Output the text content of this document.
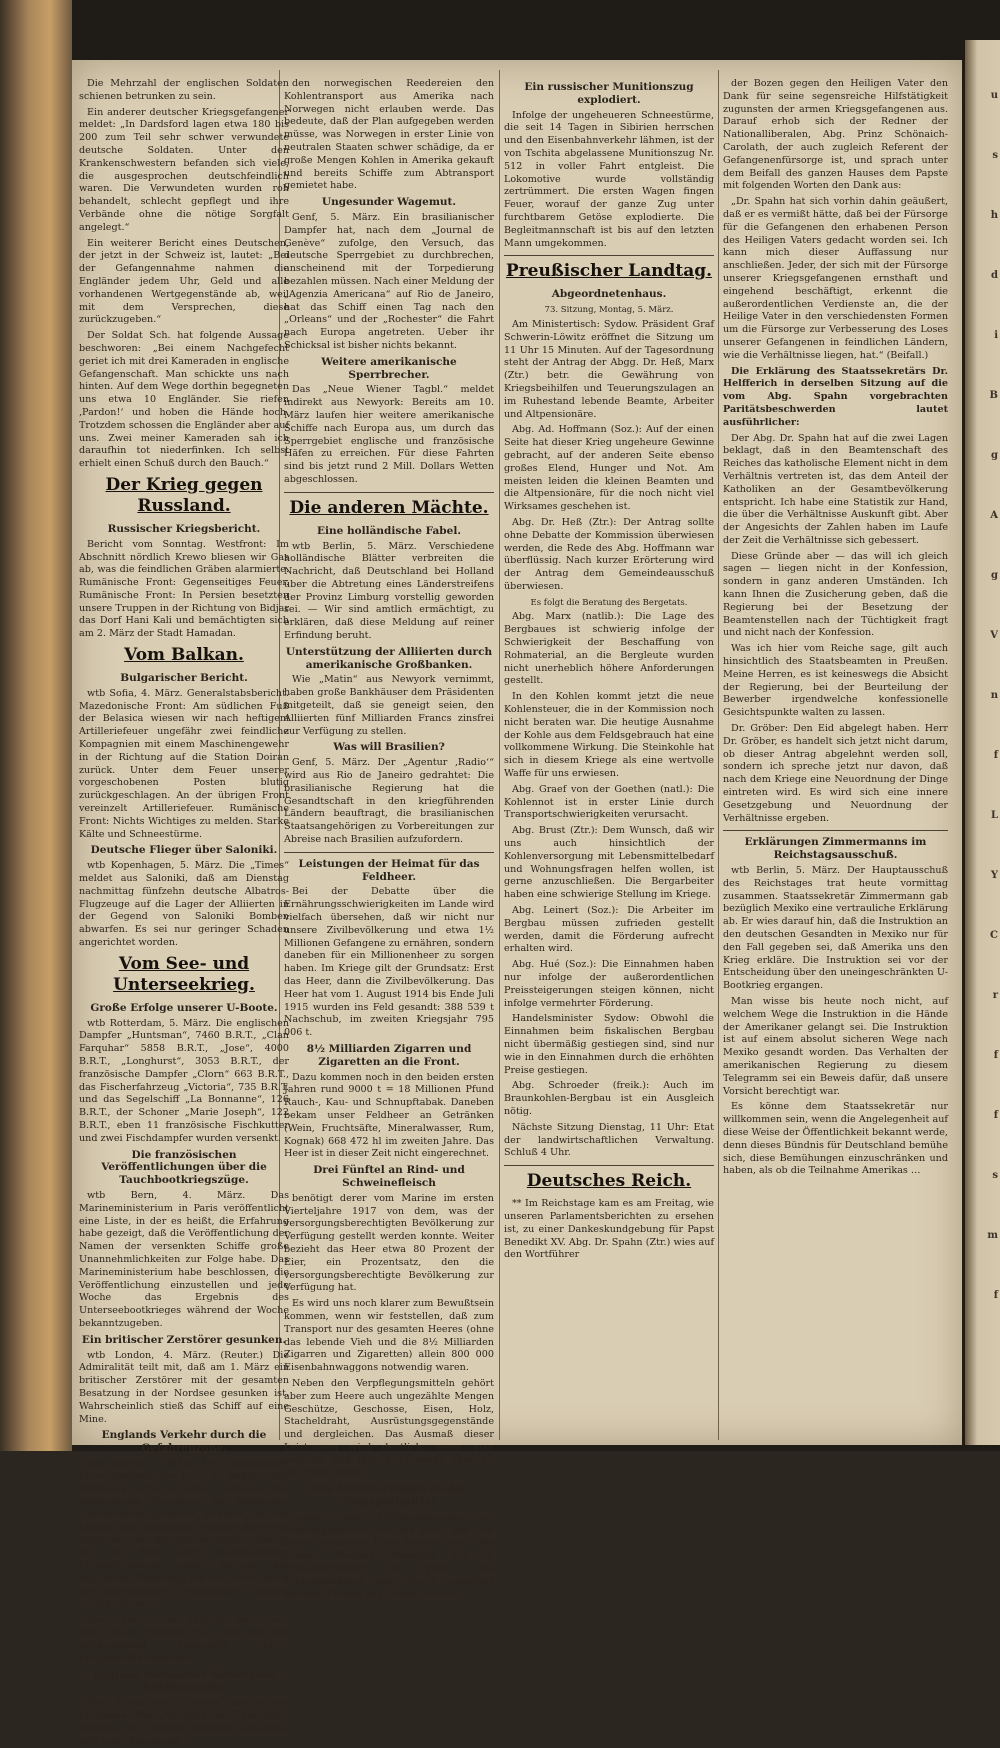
Die Mehrzahl der englischen Soldaten schienen betrunken zu sein.

Ein anderer deutscher Kriegsgefangener meldet: „In Dardsford lagen etwa 180 bis 200 zum Teil sehr schwer verwundete deutsche Soldaten. Unter den Krankenschwestern befanden sich viele, die ausgesprochen deutschfeindlich waren. Die Verwundeten wurden roh behandelt, schlecht gepflegt und ihre Verbände ohne die nötige Sorgfalt angelegt.“

Ein weiterer Bericht eines Deutschen, der jetzt in der Schweiz ist, lautet: „Bei der Gefangennahme nahmen die Engländer jedem Uhr, Geld und alle vorhandenen Wertgegenstände ab, weil mit dem Versprechen, diese zurückzugeben.“

Der Soldat Sch. hat folgende Aussage beschworen: „Bei einem Nachgefecht geriet ich mit drei Kameraden in englische Gefangenschaft. Man schickte uns nach hinten. Auf dem Wege dorthin begegneten uns etwa 10 Engländer. Sie riefen ‚Pardon!‘ und hoben die Hände hoch. Trotzdem schossen die Engländer aber auf uns. Zwei meiner Kameraden sah ich daraufhin tot niederfinken. Ich selbst erhielt einen Schuß durch den Bauch.“

Der Krieg gegen Russland.
Russischer Kriegsbericht.

Bericht vom Sonntag. Westfront: Im Abschnitt nördlich Krewo bliesen wir Gas ab, was die feindlichen Gräben alarmierte. Rumänische Front: Gegenseitiges Feuer. Rumänische Front: In Persien besetzten unsere Truppen in der Richtung von Bidjar das Dorf Hani Kali und bemächtigten sich am 2. März der Stadt Hamadan.

Vom Balkan.
Bulgarischer Bericht.

wtb Sofia, 4. März. Generalstabsbericht. Mazedonische Front: Am südlichen Fuß der Belasica wiesen wir nach heftigem Artilleriefeuer ungefähr zwei feindliche Kompagnien mit einem Maschinengewehr in der Richtung auf die Station Doiran zurück. Unter dem Feuer unserer vorgeschobenen Posten blutig zurückgeschlagen. An der übrigen Front vereinzelt Artilleriefeuer. Rumänische Front: Nichts Wichtiges zu melden. Starke Kälte und Schneestürme.

Deutsche Flieger über Saloniki.

wtb Kopenhagen, 5. März. Die „Times“ meldet aus Saloniki, daß am Dienstag nachmittag fünfzehn deutsche Albatros-Flugzeuge auf die Lager der Alliierten in der Gegend von Saloniki Bomben abwarfen. Es sei nur geringer Schaden angerichtet worden.

Vom See- und Unterseekrieg.
Große Erfolge unserer U-Boote.

wtb Rotterdam, 5. März. Die englischen Dampfer „Huntsman“, 7460 B.R.T., „Clan Farquhar“ 5858 B.R.T., „Jose“, 4000 B.R.T., „Longhurst“, 3053 B.R.T., der französische Dampfer „Clorn“ 663 B.R.T., das Fischerfahrzeug „Victoria“, 735 B.R.T. und das Segelschiff „La Bonnanne“, 126 B.R.T., der Schoner „Marie Joseph“, 122 B.R.T., eben 11 französische Fischkutter und zwei Fischdampfer wurden versenkt.

Die französischen Veröffentlichungen über die Tauchbootkriegszüge.

wtb Bern, 4. März. Das Marineministerium in Paris veröffentlicht eine Liste, in der es heißt, die Erfahrung habe gezeigt, daß die Veröffentlichung der Namen der versenkten Schiffe große Unannehmlichkeiten zur Folge habe. Das Marineministerium habe beschlossen, die Veröffentlichung einzustellen und jede Woche das Ergebnis des Unterseebootkrieges während der Woche bekanntzugeben.

Ein britischer Zerstörer gesunken.

wtb London, 4. März. (Reuter.) Die Admiralität teilt mit, daß am 1. März ein britischer Zerstörer mit der gesamten Besatzung in der Nordsee gesunken ist. Wahrscheinlich stieß das Schiff auf eine Mine.

Englands Verkehr durch die Gefahrenzone.

ddp Berlin, 5. März. Der Stockholmer Korrespondent des B. L.-A. meldet: Aus Kristiania wird berichtet, welches das weitgehende Vertrauen der englischen Gesandtschaft genießen, erfahren, daß die Leitung des englischen Verkehrs durch die Gefahrenzone für allerwichtigste Waren, für die Post, nach diplomatischer Persönlichkeiten sowie Kuriere der englischen Regierung mit der Fahrt durch die Gefahrenzone zu englischen U-Booten zurückzulegen.

Die „Neue Zürcher Zeitung“ meldet aus dem Haag: England hat jetzt nur die holländischen Postschiffe durch Kriegsschiffe begleiten.

England verhindert Norwegens Kohlenzufuhr.

Die „Frankfurter Zeitung“ meldet aus Kristiania: Wie „Morgenbladet“ berichtet, erklärte der hiesige britische Gesandte, daß seine Regierung ...

den norwegischen Reedereien den Kohlentransport aus Amerika nach Norwegen nicht erlauben werde. Das bedeute, daß der Plan aufgegeben werden müsse, was Norwegen in erster Linie von neutralen Staaten schwer schädige, da er große Mengen Kohlen in Amerika gekauft und bereits Schiffe zum Abtransport gemietet habe.

Ungesunder Wagemut.

Genf, 5. März. Ein brasilianischer Dampfer hat, nach dem „Journal de Genève“ zufolge, den Versuch, das deutsche Sperrgebiet zu durchbrechen, anscheinend mit der Torpedierung bezahlen müssen. Nach einer Meldung der „Agenzia Americana“ auf Rio de Janeiro, hat das Schiff einen Tag nach den „Orleans“ und der „Rochester“ die Fahrt nach Europa angetreten. Ueber ihr Schicksal ist bisher nichts bekannt.

Weitere amerikanische Sperrbrecher.

Das „Neue Wiener Tagbl.“ meldet indirekt aus Newyork: Bereits am 10. März laufen hier weitere amerikanische Schiffe nach Europa aus, um durch das Sperrgebiet englische und französische Häfen zu erreichen. Für diese Fahrten sind bis jetzt rund 2 Mill. Dollars Wetten abgeschlossen.

Die anderen Mächte.
Eine holländische Fabel.

wtb Berlin, 5. März. Verschiedene holländische Blätter verbreiten die Nachricht, daß Deutschland bei Holland über die Abtretung eines Länderstreifens der Provinz Limburg vorstellig geworden sei. — Wir sind amtlich ermächtigt, zu erklären, daß diese Meldung auf reiner Erfindung beruht.

Unterstützung der Alliierten durch amerikanische Großbanken.

Wie „Matin“ aus Newyork vernimmt, haben große Bankhäuser dem Präsidenten mitgeteilt, daß sie geneigt seien, den Alliierten fünf Milliarden Francs zinsfrei zur Verfügung zu stellen.

Was will Brasilien?

Genf, 5. März. Der „Agentur ‚Radio‘“ wird aus Rio de Janeiro gedrahtet: Die brasilianische Regierung hat die Gesandtschaft in den kriegführenden Ländern beauftragt, die brasilianischen Staatsangehörigen zu Vorbereitungen zur Abreise nach Brasilien aufzufordern.

Leistungen der Heimat für das Feldheer.

Bei der Debatte über die Ernährungsschwierigkeiten im Lande wird vielfach übersehen, daß wir nicht nur unsere Zivilbevölkerung und etwa 1½ Millionen Gefangene zu ernähren, sondern daneben für ein Millionenheer zu sorgen haben. Im Kriege gilt der Grundsatz: Erst das Heer, dann die Zivilbevölkerung. Das Heer hat vom 1. August 1914 bis Ende Juli 1915 wurden ins Feld gesandt: 388 539 t Nachschub, im zweiten Kriegsjahr 795 006 t.

8½ Milliarden Zigarren und Zigaretten an die Front.

Dazu kommen noch in den beiden ersten Jahren rund 9000 t = 18 Millionen Pfund Rauch-, Kau- und Schnupftabak. Daneben bekam unser Feldheer an Getränken (Wein, Fruchtsäfte, Mineralwasser, Rum, Kognak) 668 472 hl im zweiten Jahre. Das Heer ist in dieser Zeit nicht eingerechnet.

Drei Fünftel an Rind- und Schweinefleisch

benötigt derer vom Marine im ersten Vierteljahre 1917 von dem, was der versorgungsberechtigten Bevölkerung zur Verfügung gestellt werden konnte. Weiter bezieht das Heer etwa 80 Prozent der Eier, ein Prozentsatz, den die versorgungsberechtigte Bevölkerung zur Verfügung hat.

Es wird uns noch klarer zum Bewußtsein kommen, wenn wir feststellen, daß zum Transport nur des gesamten Heeres (ohne das lebende Vieh und die 8½ Milliarden Zigarren und Zigaretten) allein 800 000 Eisenbahnwaggons notwendig waren.

Neben den Verpflegungsmitteln gehört aber zum Heere auch ungezählte Mengen Geschütze, Geschosse, Eisen, Holz, Stacheldraht, Ausrüstungsgegenstände und dergleichen. Das Ausmaß dieser Leistungen wird deutlich, wenn man bedenkt, daß täglich Tausende Züge an die Front gehen.

Die Anforderungen an die Transportmittel

zeigen diese Millionenmengen von Nahrungsmitteln, die das Heer und den Lande ergänzen. Dazu kommen noch die großen Mengen Munition, die in Eisenbahnwagen in Form von Feldpostpaketen dem Heere zugeführt werden. Ebenso das Gebiet bezieht.

Ein russischer Munitionszug explodiert.

Infolge der ungeheueren Schneestürme, die seit 14 Tagen in Sibirien herrschen und den Eisenbahnverkehr lähmen, ist der von Tschita abgelassene Munitionszug Nr. 512 in voller Fahrt entgleist. Die Lokomotive wurde vollständig zertrümmert. Die ersten Wagen fingen Feuer, worauf der ganze Zug unter furchtbarem Getöse explodierte. Die Begleitmannschaft ist bis auf den letzten Mann umgekommen.

Preußischer Landtag.
Abgeordnetenhaus.
73. Sitzung, Montag, 5. März.

Am Ministertisch: Sydow. Präsident Graf Schwerin-Löwitz eröffnet die Sitzung um 11 Uhr 15 Minuten. Auf der Tagesordnung steht der Antrag der Abgg. Dr. Heß, Marx (Ztr.) betr. die Gewährung von Kriegsbeihilfen und Teuerungszulagen an im Ruhestand lebende Beamte, Arbeiter und Altpensionäre.

Abg. Ad. Hoffmann (Soz.): Auf der einen Seite hat dieser Krieg ungeheure Gewinne gebracht, auf der anderen Seite ebenso großes Elend, Hunger und Not. Am meisten leiden die kleinen Beamten und die Altpensionäre, für die noch nicht viel Wirksames geschehen ist.

Abg. Dr. Heß (Ztr.): Der Antrag sollte ohne Debatte der Kommission überwiesen werden, die Rede des Abg. Hoffmann war überflüssig. Nach kurzer Erörterung wird der Antrag dem Gemeindeausschuß überwiesen.

Es folgt die Beratung des Bergetats.

Abg. Marx (natlib.): Die Lage des Bergbaues ist schwierig infolge der Schwierigkeit der Beschaffung von Rohmaterial, an die Bergleute wurden nicht unerheblich höhere Anforderungen gestellt.

In den Kohlen kommt jetzt die neue Kohlensteuer, die in der Kommission noch nicht beraten war. Die heutige Ausnahme der Kohle aus dem Feldsgebrauch hat eine vollkommene Wirkung. Die Steinkohle hat sich in diesem Kriege als eine wertvolle Waffe für uns erwiesen.

Abg. Graef von der Goethen (natl.): Die Kohlennot ist in erster Linie durch Transportschwierigkeiten verursacht.

Abg. Brust (Ztr.): Dem Wunsch, daß wir uns auch hinsichtlich der Kohlenversorgung mit Lebensmittelbedarf und Wohnungsfragen helfen wollen, ist gerne anzuschließen. Die Bergarbeiter haben eine schwierige Stellung im Kriege.

Abg. Leinert (Soz.): Die Arbeiter im Bergbau müssen zufrieden gestellt werden, damit die Förderung aufrecht erhalten wird.

Abg. Hué (Soz.): Die Einnahmen haben nur infolge der außerordentlichen Preissteigerungen steigen können, nicht infolge vermehrter Förderung.

Handelsminister Sydow: Obwohl die Einnahmen beim fiskalischen Bergbau nicht übermäßig gestiegen sind, sind nur wie in den Einnahmen durch die erhöhten Preise gestiegen.

Abg. Schroeder (freik.): Auch im Braunkohlen-Bergbau ist ein Ausgleich nötig.

Nächste Sitzung Dienstag, 11 Uhr: Etat der landwirtschaftlichen Verwaltung. Schluß 4 Uhr.

Deutsches Reich.

** Im Reichstage kam es am Freitag, wie unseren Parlamentsberichten zu ersehen ist, zu einer Dankeskundgebung für Papst Benedikt XV. Abg. Dr. Spahn (Ztr.) wies auf den Wortführer

der Bozen gegen den Heiligen Vater den Dank für seine segensreiche Hilfstätigkeit zugunsten der armen Kriegsgefangenen aus. Darauf erhob sich der Redner der Nationalliberalen, Abg. Prinz Schönaich-Carolath, der auch zugleich Referent der Gefangenenfürsorge ist, und sprach unter dem Beifall des ganzen Hauses dem Papste mit folgenden Worten den Dank aus:

„Dr. Spahn hat sich vorhin dahin geäußert, daß er es vermißt hätte, daß bei der Fürsorge für die Gefangenen den erhabenen Person des Heiligen Vaters gedacht worden sei. Ich kann mich dieser Auffassung nur anschließen. Jeder, der sich mit der Fürsorge unserer Kriegsgefangenen ernsthaft und eingehend beschäftigt, erkennt die außerordentlichen Verdienste an, die der Heilige Vater in den verschiedensten Formen um die Fürsorge zur Verbesserung des Loses unserer Gefangenen in feindlichen Ländern, wie die Verhältnisse liegen, hat.“ (Beifall.)

Die Erklärung des Staatssekretärs Dr. Helfferich in derselben Sitzung auf die vom Abg. Spahn vorgebrachten Paritätsbeschwerden lautet ausführlicher:

Der Abg. Dr. Spahn hat auf die zwei Lagen beklagt, daß in den Beamtenschaft des Reiches das katholische Element nicht in dem Verhältnis vertreten ist, das dem Anteil der Katholiken an der Gesamtbevölkerung entspricht. Ich habe eine Statistik zur Hand, die über die Verhältnisse Auskunft gibt. Aber der Angesichts der Zahlen haben im Laufe der Zeit die Verhältnisse sich gebessert.

Diese Gründe aber — das will ich gleich sagen — liegen nicht in der Konfession, sondern in ganz anderen Umständen. Ich kann Ihnen die Zusicherung geben, daß die Regierung bei der Besetzung der Beamtenstellen nach der Tüchtigkeit fragt und nicht nach der Konfession.

Was ich hier vom Reiche sage, gilt auch hinsichtlich des Staatsbeamten in Preußen. Meine Herren, es ist keineswegs die Absicht der Regierung, bei der Beurteilung der Bewerber irgendwelche konfessionelle Gesichtspunkte walten zu lassen.

Dr. Gröber: Den Eid abgelegt haben. Herr Dr. Gröber, es handelt sich jetzt nicht darum, ob dieser Antrag abgelehnt werden soll, sondern ich spreche jetzt nur davon, daß nach dem Kriege eine Neuordnung der Dinge eintreten wird. Es wird sich eine innere Gesetzgebung und Neuordnung der Verhältnisse ergeben.

Erklärungen Zimmermanns im Reichstagsausschuß.

wtb Berlin, 5. März. Der Hauptausschuß des Reichstages trat heute vormittag zusammen. Staatssekretär Zimmermann gab bezüglich Mexiko eine vertrauliche Erklärung ab. Er wies darauf hin, daß die Instruktion an den deutschen Gesandten in Mexiko nur für den Fall gegeben sei, daß Amerika uns den Krieg erkläre. Die Instruktion sei vor der Entscheidung über den uneingeschränkten U-Bootkrieg ergangen.

Man wisse bis heute noch nicht, auf welchem Wege die Instruktion in die Hände der Amerikaner gelangt sei. Die Instruktion ist auf einem absolut sicheren Wege nach Mexiko gesandt worden. Das Verhalten der amerikanischen Regierung zu diesem Telegramm sei ein Beweis dafür, daß unsere Vorsicht berechtigt war.

Es könne dem Staatssekretär nur willkommen sein, wenn die Angelegenheit auf diese Weise der Öffentlichkeit bekannt werde, denn dieses Bündnis für Deutschland bemühe sich, diese Bemühungen einzuschränken und haben, als ob die Teilnahme Amerikas …

u
s
h
d
i
B
g
A
g
V
n
f
L
Y
C
r
f
f
s
m
f
